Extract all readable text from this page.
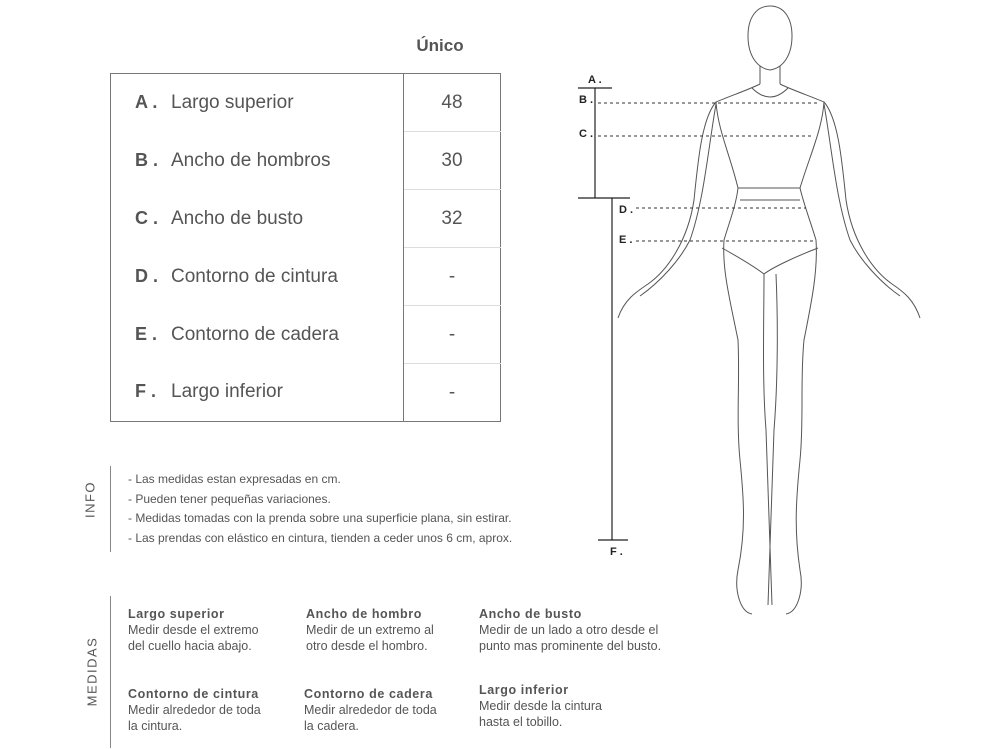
Único
A . Largo superior	48
B . Ancho de hombros	30
C . Ancho de busto	32
D . Contorno de cintura	-
E . Contorno de cadera	-
F . Largo inferior	-
INFO
- Las medidas estan expresadas en cm.
- Pueden tener pequeñas variaciones.
- Medidas tomadas con la prenda sobre una superficie plana, sin estirar.
- Las prendas con elástico en cintura, tienden a ceder unos 6 cm, aprox.
MEDIDAS
Largo superior
Medir desde el extremo
del cuello hacia abajo.
Ancho de hombro
Medir de un extremo al
otro desde el hombro.
Ancho de busto
Medir de un lado a otro desde el
punto mas prominente del busto.
Contorno de cintura
Medir alrededor de toda
la cintura.
Contorno de cadera
Medir alrededor de toda
la cadera.
Largo inferior
Medir desde la cintura
hasta el tobillo.
A .
B .
C .
D .
E .
F .
